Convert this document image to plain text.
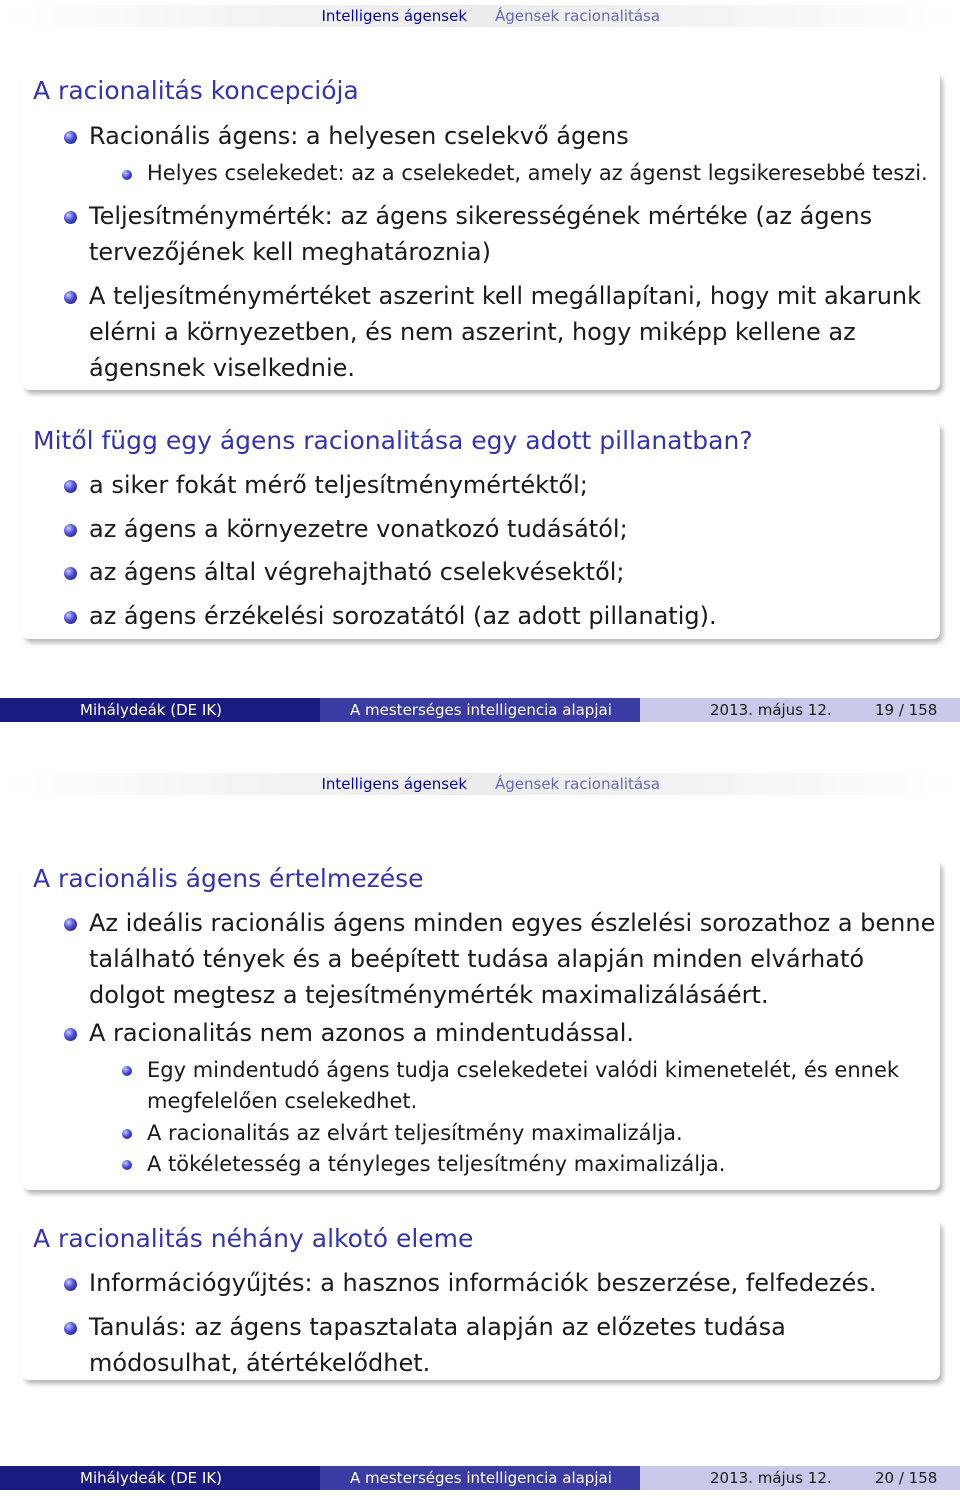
Intelligens ágensek Ágensek racionalitása
A racionalitás koncepciója
Racionális ágens: a helyesen cselekvő ágens
Helyes cselekedet: az a cselekedet, amely az ágenst legsikeresebbé teszi.
Teljesítménymérték: az ágens sikerességének mértéke (az ágens tervezőjének kell meghatároznia)
A teljesítménymértéket aszerint kell megállapítani, hogy mit akarunk elérni a környezetben, és nem aszerint, hogy miképp kellene az ágensnek viselkednie.
Mitől függ egy ágens racionalitása egy adott pillanatban?
a siker fokát mérő teljesítménymértéktől;
az ágens a környezetre vonatkozó tudásától;
az ágens által végrehajtható cselekvésektől;
az ágens érzékelési sorozatától (az adott pillanatig).
Mihálydeák (DE IK)	A mesterséges intelligencia alapjai	2013. május 12.	19 / 158
Intelligens ágensek Ágensek racionalitása
A racionális ágens értelmezése
Az ideális racionális ágens minden egyes észlelési sorozathoz a benne található tények és a beépített tudása alapján minden elvárható dolgot megtesz a tejesítménymérték maximalizálásáért.
A racionalitás nem azonos a mindentudással.
Egy mindentudó ágens tudja cselekedetei valódi kimenetelét, és ennek megfelelően cselekedhet.
A racionalitás az elvárt teljesítmény maximalizálja.
A tökéletesség a tényleges teljesítmény maximalizálja.
A racionalitás néhány alkotó eleme
Információgyűjtés: a hasznos információk beszerzése, felfedezés.
Tanulás: az ágens tapasztalata alapján az előzetes tudása módosulhat, átértékelődhet.
Mihálydeák (DE IK)	A mesterséges intelligencia alapjai	2013. május 12.	20 / 158
